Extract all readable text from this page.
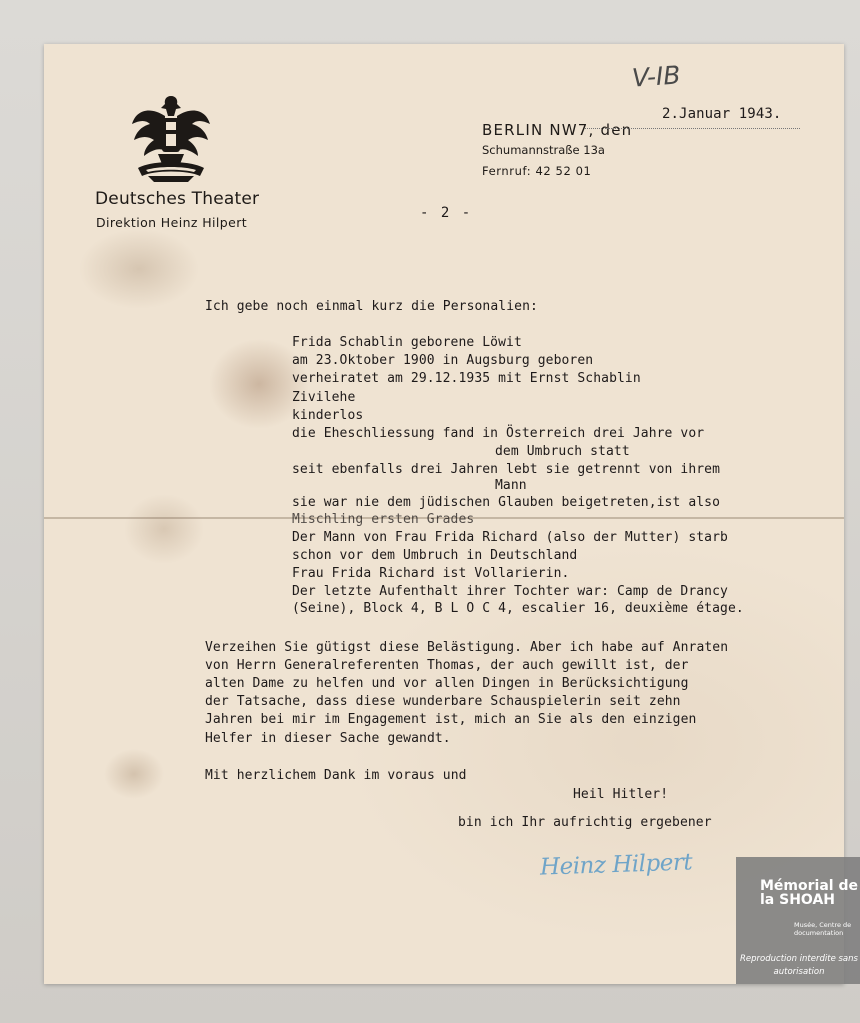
Deutsches Theater
Direktion Heinz Hilpert
BERLIN NW7, den
Schumannstraße 13a
Fernruf: 42 52 01
V-IB
2.Januar 1943.
- 2 -
Ich gebe noch einmal kurz die Personalien:
Frida Schablin geborene Löwit
am 23.Oktober 1900 in Augsburg geboren
verheiratet am 29.12.1935 mit Ernst Schablin
Zivilehe
kinderlos
die Eheschliessung fand in Österreich drei Jahre vor
dem Umbruch statt
seit ebenfalls drei Jahren lebt sie getrennt von ihrem
Mann
sie war nie dem jüdischen Glauben beigetreten,ist also
Mischling ersten Grades
Der Mann von Frau Frida Richard (also der Mutter) starb
schon vor dem Umbruch in Deutschland
Frau Frida Richard ist Vollarierin.
Der letzte Aufenthalt ihrer Tochter war: Camp de Drancy
(Seine), Block 4, B L O C 4, escalier 16, deuxième étage.
Verzeihen Sie gütigst diese Belästigung. Aber ich habe auf Anraten
von Herrn Generalreferenten Thomas, der auch gewillt ist, der
alten Dame zu helfen und vor allen Dingen in Berücksichtigung
der Tatsache, dass diese wunderbare Schauspielerin seit zehn
Jahren bei mir im Engagement ist, mich an Sie als den einzigen
Helfer in dieser Sache gewandt.
Mit herzlichem Dank im voraus und
Heil Hitler!
bin ich Ihr aufrichtig ergebener
Heinz Hilpert
Mémorial de la SHOAH
Musée, Centre de documentation
Reproduction interdite sans autorisation
